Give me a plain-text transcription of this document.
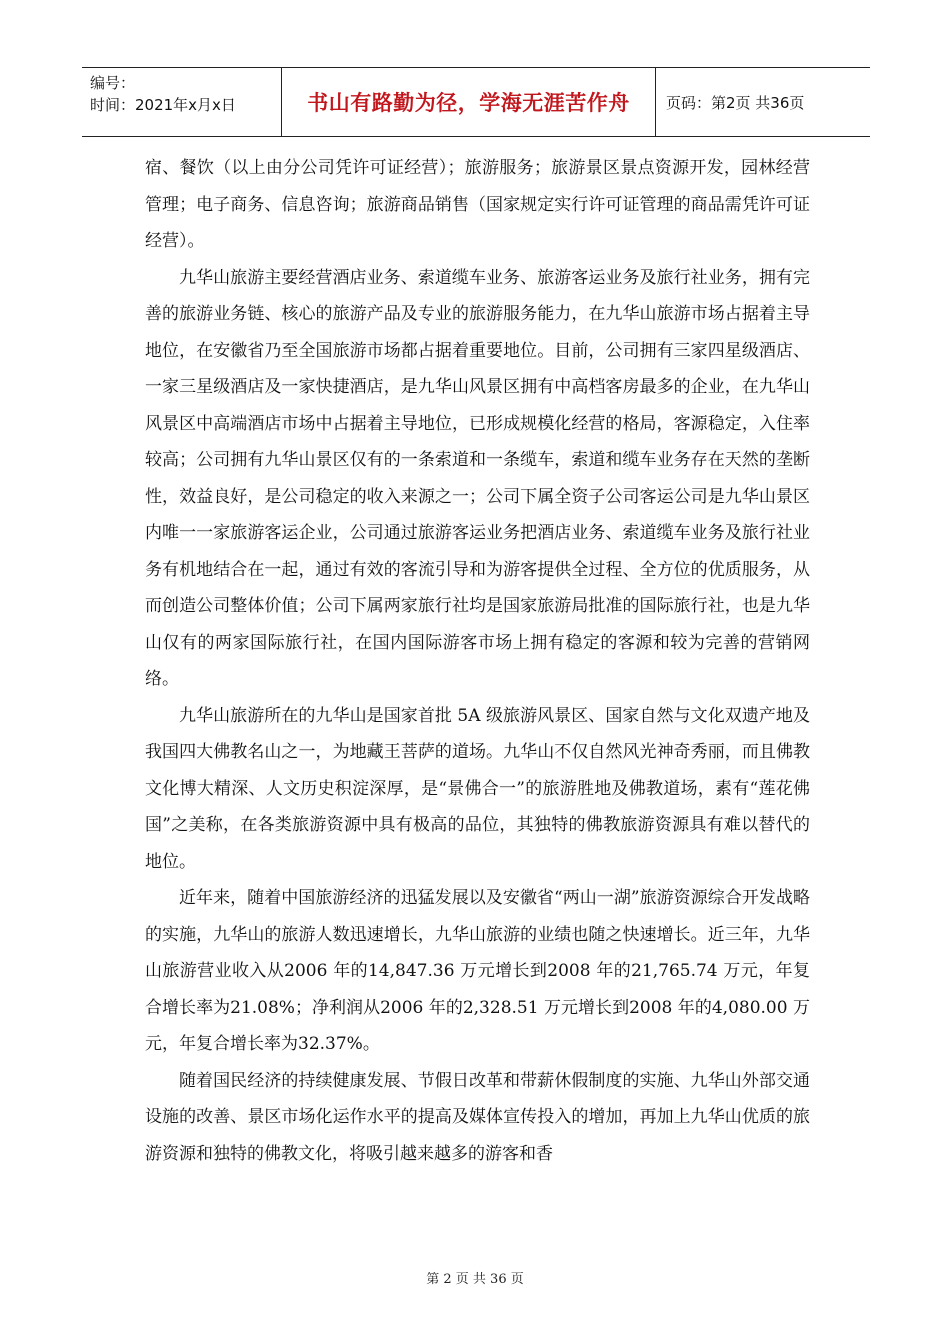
编号：
时间：2021年x月x日	书山有路勤为径，学海无涯苦作舟	页码：第2页 共36页

宿、餐饮（以上由分公司凭许可证经营）；旅游服务；旅游景区景点资源开发，园林经营管理；电子商务、信息咨询；旅游商品销售（国家规定实行许可证管理的商品需凭许可证经营）。

九华山旅游主要经营酒店业务、索道缆车业务、旅游客运业务及旅行社业务，拥有完善的旅游业务链、核心的旅游产品及专业的旅游服务能力，在九华山旅游市场占据着主导地位，在安徽省乃至全国旅游市场都占据着重要地位。目前，公司拥有三家四星级酒店、一家三星级酒店及一家快捷酒店，是九华山风景区拥有中高档客房最多的企业，在九华山风景区中高端酒店市场中占据着主导地位，已形成规模化经营的格局，客源稳定，入住率较高；公司拥有九华山景区仅有的一条索道和一条缆车，索道和缆车业务存在天然的垄断性，效益良好，是公司稳定的收入来源之一；公司下属全资子公司客运公司是九华山景区内唯一一家旅游客运企业，公司通过旅游客运业务把酒店业务、索道缆车业务及旅行社业务有机地结合在一起，通过有效的客流引导和为游客提供全过程、全方位的优质服务，从而创造公司整体价值；公司下属两家旅行社均是国家旅游局批准的国际旅行社，也是九华山仅有的两家国际旅行社，在国内国际游客市场上拥有稳定的客源和较为完善的营销网络。

九华山旅游所在的九华山是国家首批 5A 级旅游风景区、国家自然与文化双遗产地及我国四大佛教名山之一，为地藏王菩萨的道场。九华山不仅自然风光神奇秀丽，而且佛教文化博大精深、人文历史积淀深厚，是“景佛合一”的旅游胜地及佛教道场，素有“莲花佛国”之美称，在各类旅游资源中具有极高的品位，其独特的佛教旅游资源具有难以替代的地位。

近年来，随着中国旅游经济的迅猛发展以及安徽省“两山一湖”旅游资源综合开发战略的实施，九华山的旅游人数迅速增长，九华山旅游的业绩也随之快速增长。近三年，九华山旅游营业收入从2006 年的14,847.36 万元增长到2008 年的21,765.74 万元，年复合增长率为21.08%；净利润从2006 年的2,328.51 万元增长到2008 年的4,080.00 万元，年复合增长率为32.37%。

随着国民经济的持续健康发展、节假日改革和带薪休假制度的实施、九华山外部交通设施的改善、景区市场化运作水平的提高及媒体宣传投入的增加，再加上九华山优质的旅游资源和独特的佛教文化，将吸引越来越多的游客和香

第 2 页 共 36 页
